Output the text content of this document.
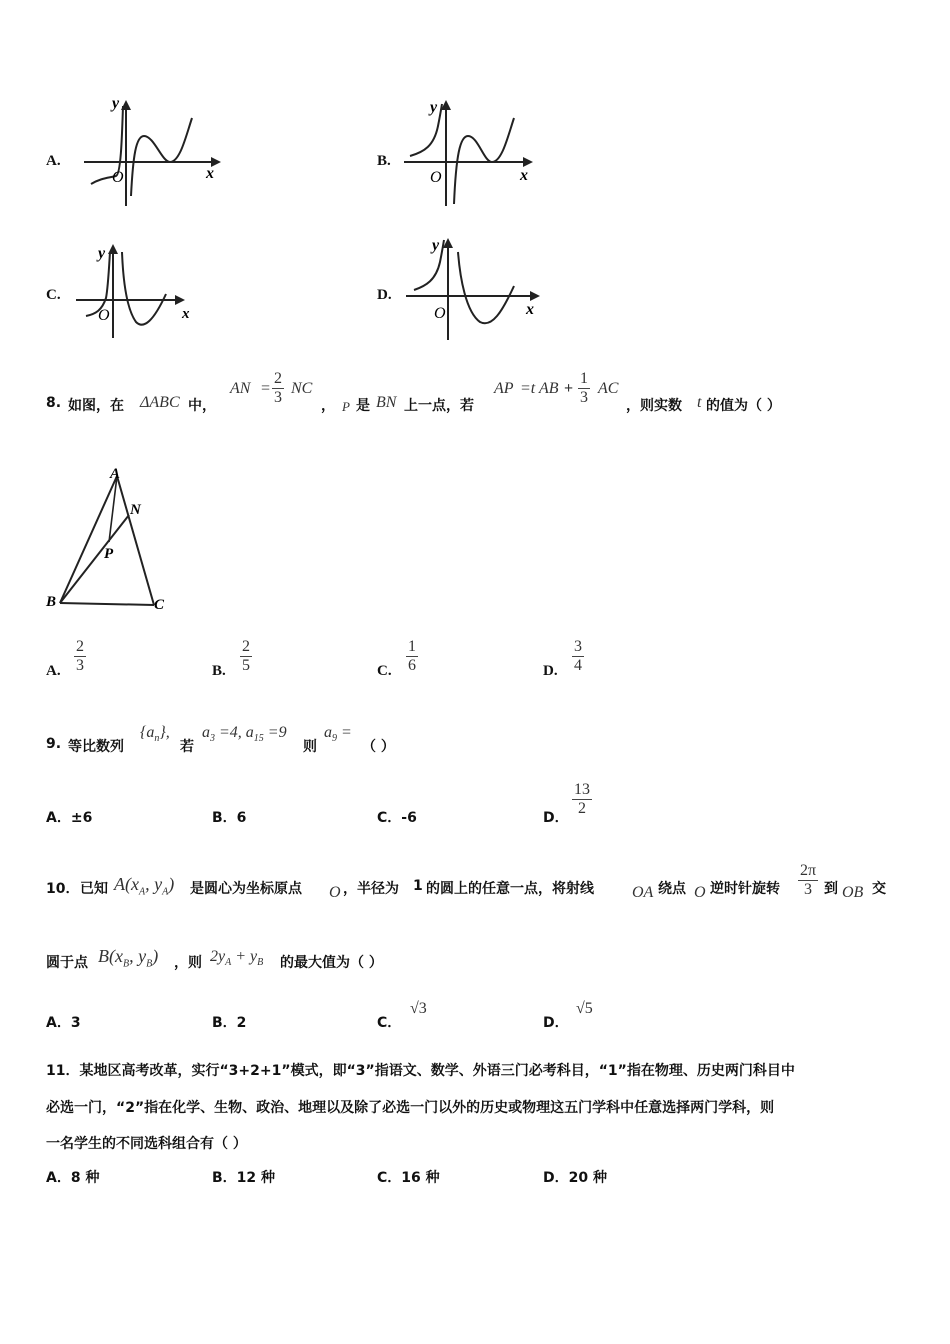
A.
y
x
O
B.
y
x
O
C.
y
x
O
D.
y
x
O
8. 如图，在 ΔABC 中，
AN = $\frac{2}{3}$ NC
， P 是 BN 上一点，若
AP =t AB + $\frac{1}{3}$ AC
，则实数 t 的值为（ ）
A
N
P
B	C
A. $\frac{2}{3}$	B. $\frac{2}{5}$	C. $\frac{1}{6}$	D. $\frac{3}{4}$
9. 等比数列
$\{a_n\}$,
若
$a_3 =4$, $a_{15} =9$
则
$a_9$ =
（ ）
A．±6	B．6	C．-6	D． $\frac{13}{2}$
10． 已知 $A(x_A$, $y_A$) 是圆心为坐标原点 O ，半径为 1 的圆上的任意一点，将射线 OA 绕点 O 逆时针旋转 $\frac{2\pi}{3}$ 到 OB 交
圆于点 $B(x_B$, $y_B$) ，则 $2y_A + y_B$ 的最大值为（ ）
A．3	B．2	C．
√3
D．
√5
11．某地区高考改革，实行“3+2+1”模式，即“3”指语文、数学、外语三门必考科目，“1”指在物理、历史两门科目中
必选一门，“2”指在化学、生物、政治、地理以及除了必选一门以外的历史或物理这五门学科中任意选择两门学科，则
一名学生的不同选科组合有（ ）
A．8 种	B．12 种	C．16 种	D．20 种
